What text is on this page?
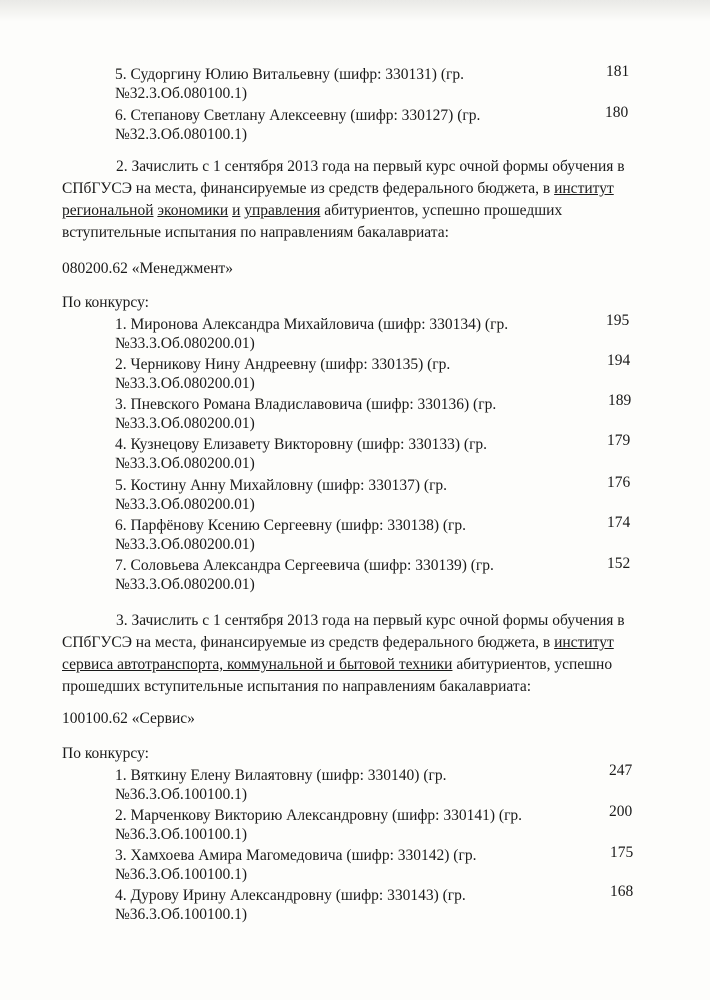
5. Судоргину Юлию Витальевну (шифр: 330131) (гр.
№32.3.Об.080100.1)
181
6. Степанову Светлану Алексеевну (шифр: 330127) (гр.
№32.3.Об.080100.1)
180
2. Зачислить с 1 сентября 2013 года на первый курс очной формы обучения в
СПбГУСЭ на места, финансируемые из средств федерального бюджета, в институт
региональной экономики и управления абитуриентов, успешно прошедших
вступительные испытания по направлениям бакалавриата:
080200.62 «Менеджмент»
По конкурсу:
1. Миронова Александра Михайловича (шифр: 330134) (гр.
№33.3.Об.080200.01)
195
2. Черникову Нину Андреевну (шифр: 330135) (гр.
№33.3.Об.080200.01)
194
3. Пневского Романа Владиславовича (шифр: 330136) (гр.
№33.3.Об.080200.01)
189
4. Кузнецову Елизавету Викторовну (шифр: 330133) (гр.
№33.3.Об.080200.01)
179
5. Костину Анну Михайловну (шифр: 330137) (гр.
№33.3.Об.080200.01)
176
6. Парфёнову Ксению Сергеевну (шифр: 330138) (гр.
№33.3.Об.080200.01)
174
7. Соловьева Александра Сергеевича (шифр: 330139) (гр.
№33.3.Об.080200.01)
152
3. Зачислить с 1 сентября 2013 года на первый курс очной формы обучения в
СПбГУСЭ на места, финансируемые из средств федерального бюджета, в институт
сервиса автотранспорта, коммунальной и бытовой техники абитуриентов, успешно
прошедших вступительные испытания по направлениям бакалавриата:
100100.62 «Сервис»
По конкурсу:
1. Вяткину Елену Вилаятовну (шифр: 330140) (гр.
№36.3.Об.100100.1)
247
2. Марченкову Викторию Александровну (шифр: 330141) (гр.
№36.3.Об.100100.1)
200
3. Хамхоева Амира Магомедовича (шифр: 330142) (гр.
№36.3.Об.100100.1)
175
4. Дурову Ирину Александровну (шифр: 330143) (гр.
№36.3.Об.100100.1)
168
